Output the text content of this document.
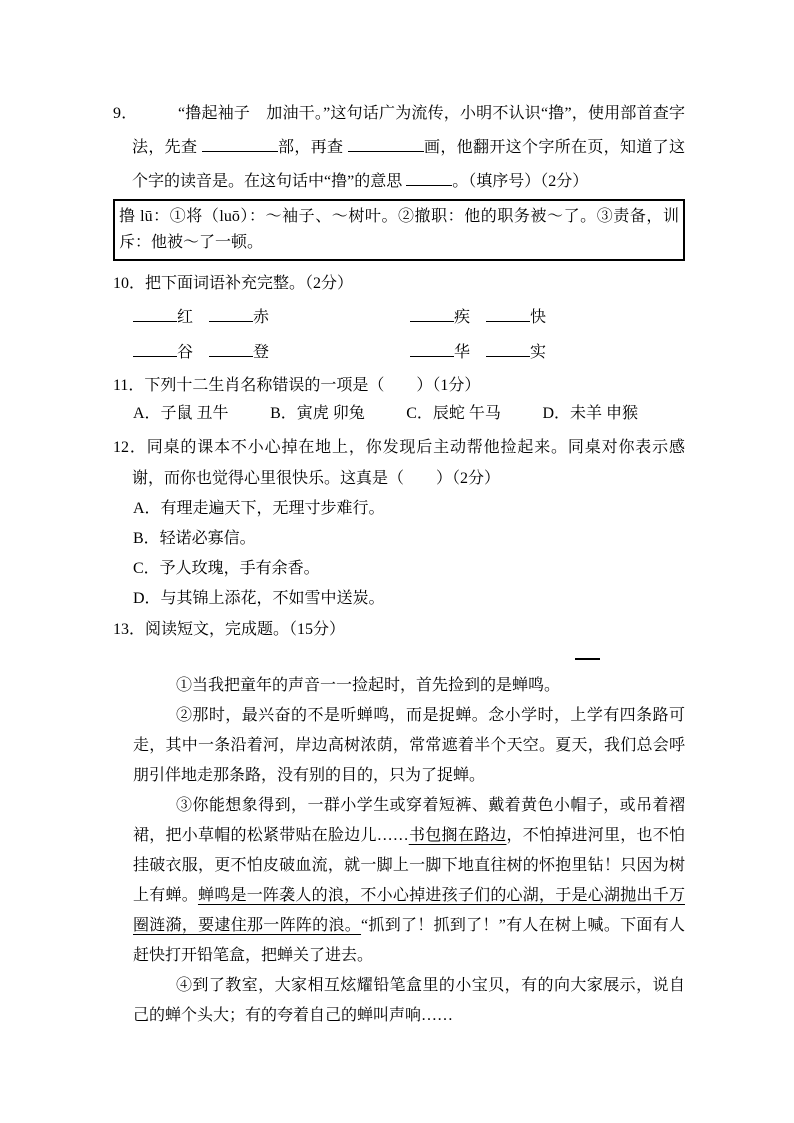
9．　　　“撸起袖子　加油干。”这句话广为流传，小明不认识“撸”，使用部首查字法，先查	部，再查	画，他翻开这个字所在页，知道了这个字的读音是。在这句话中“撸”的意思	。（填序号）（2分）

撸 lū：①将（luō）：～袖子、～树叶。②撤职：他的职务被～了。③责备，训斥：他被～了一顿。

10．把下面词语补充完整。（2分）

红	赤	疾	快
谷	登	华	实

11．下列十二生肖名称错误的一项是（　　）（1分）

A．子鼠 丑牛	B．寅虎 卯兔	C．辰蛇 午马	D．未羊 申猴

12．同桌的课本不小心掉在地上，你发现后主动帮他捡起来。同桌对你表示感谢，而你也觉得心里很快乐。这真是（　　）（2分）

A．有理走遍天下，无理寸步难行。

B．轻诺必寡信。

C．予人玫瑰，手有余香。

D．与其锦上添花，不如雪中送炭。

13．阅读短文，完成题。（15分）

①当我把童年的声音一一捡起时，首先捡到的是蝉鸣。

②那时，最兴奋的不是听蝉鸣，而是捉蝉。念小学时，上学有四条路可走，其中一条沿着河，岸边高树浓荫，常常遮着半个天空。夏天，我们总会呼朋引伴地走那条路，没有别的目的，只为了捉蝉。

③你能想象得到，一群小学生或穿着短裤、戴着黄色小帽子，或吊着褶裙，把小草帽的松紧带贴在脸边儿……书包搁在路边，不怕掉进河里，也不怕挂破衣服，更不怕皮破血流，就一脚上一脚下地直往树的怀抱里钻！只因为树上有蝉。蝉鸣是一阵袭人的浪，不小心掉进孩子们的心湖，于是心湖抛出千万圈涟漪，要逮住那一阵阵的浪。“抓到了！抓到了！”有人在树上喊。下面有人赶快打开铅笔盒，把蝉关了进去。

④到了教室，大家相互炫耀铅笔盒里的小宝贝，有的向大家展示，说自己的蝉个头大；有的夸着自己的蝉叫声响……
